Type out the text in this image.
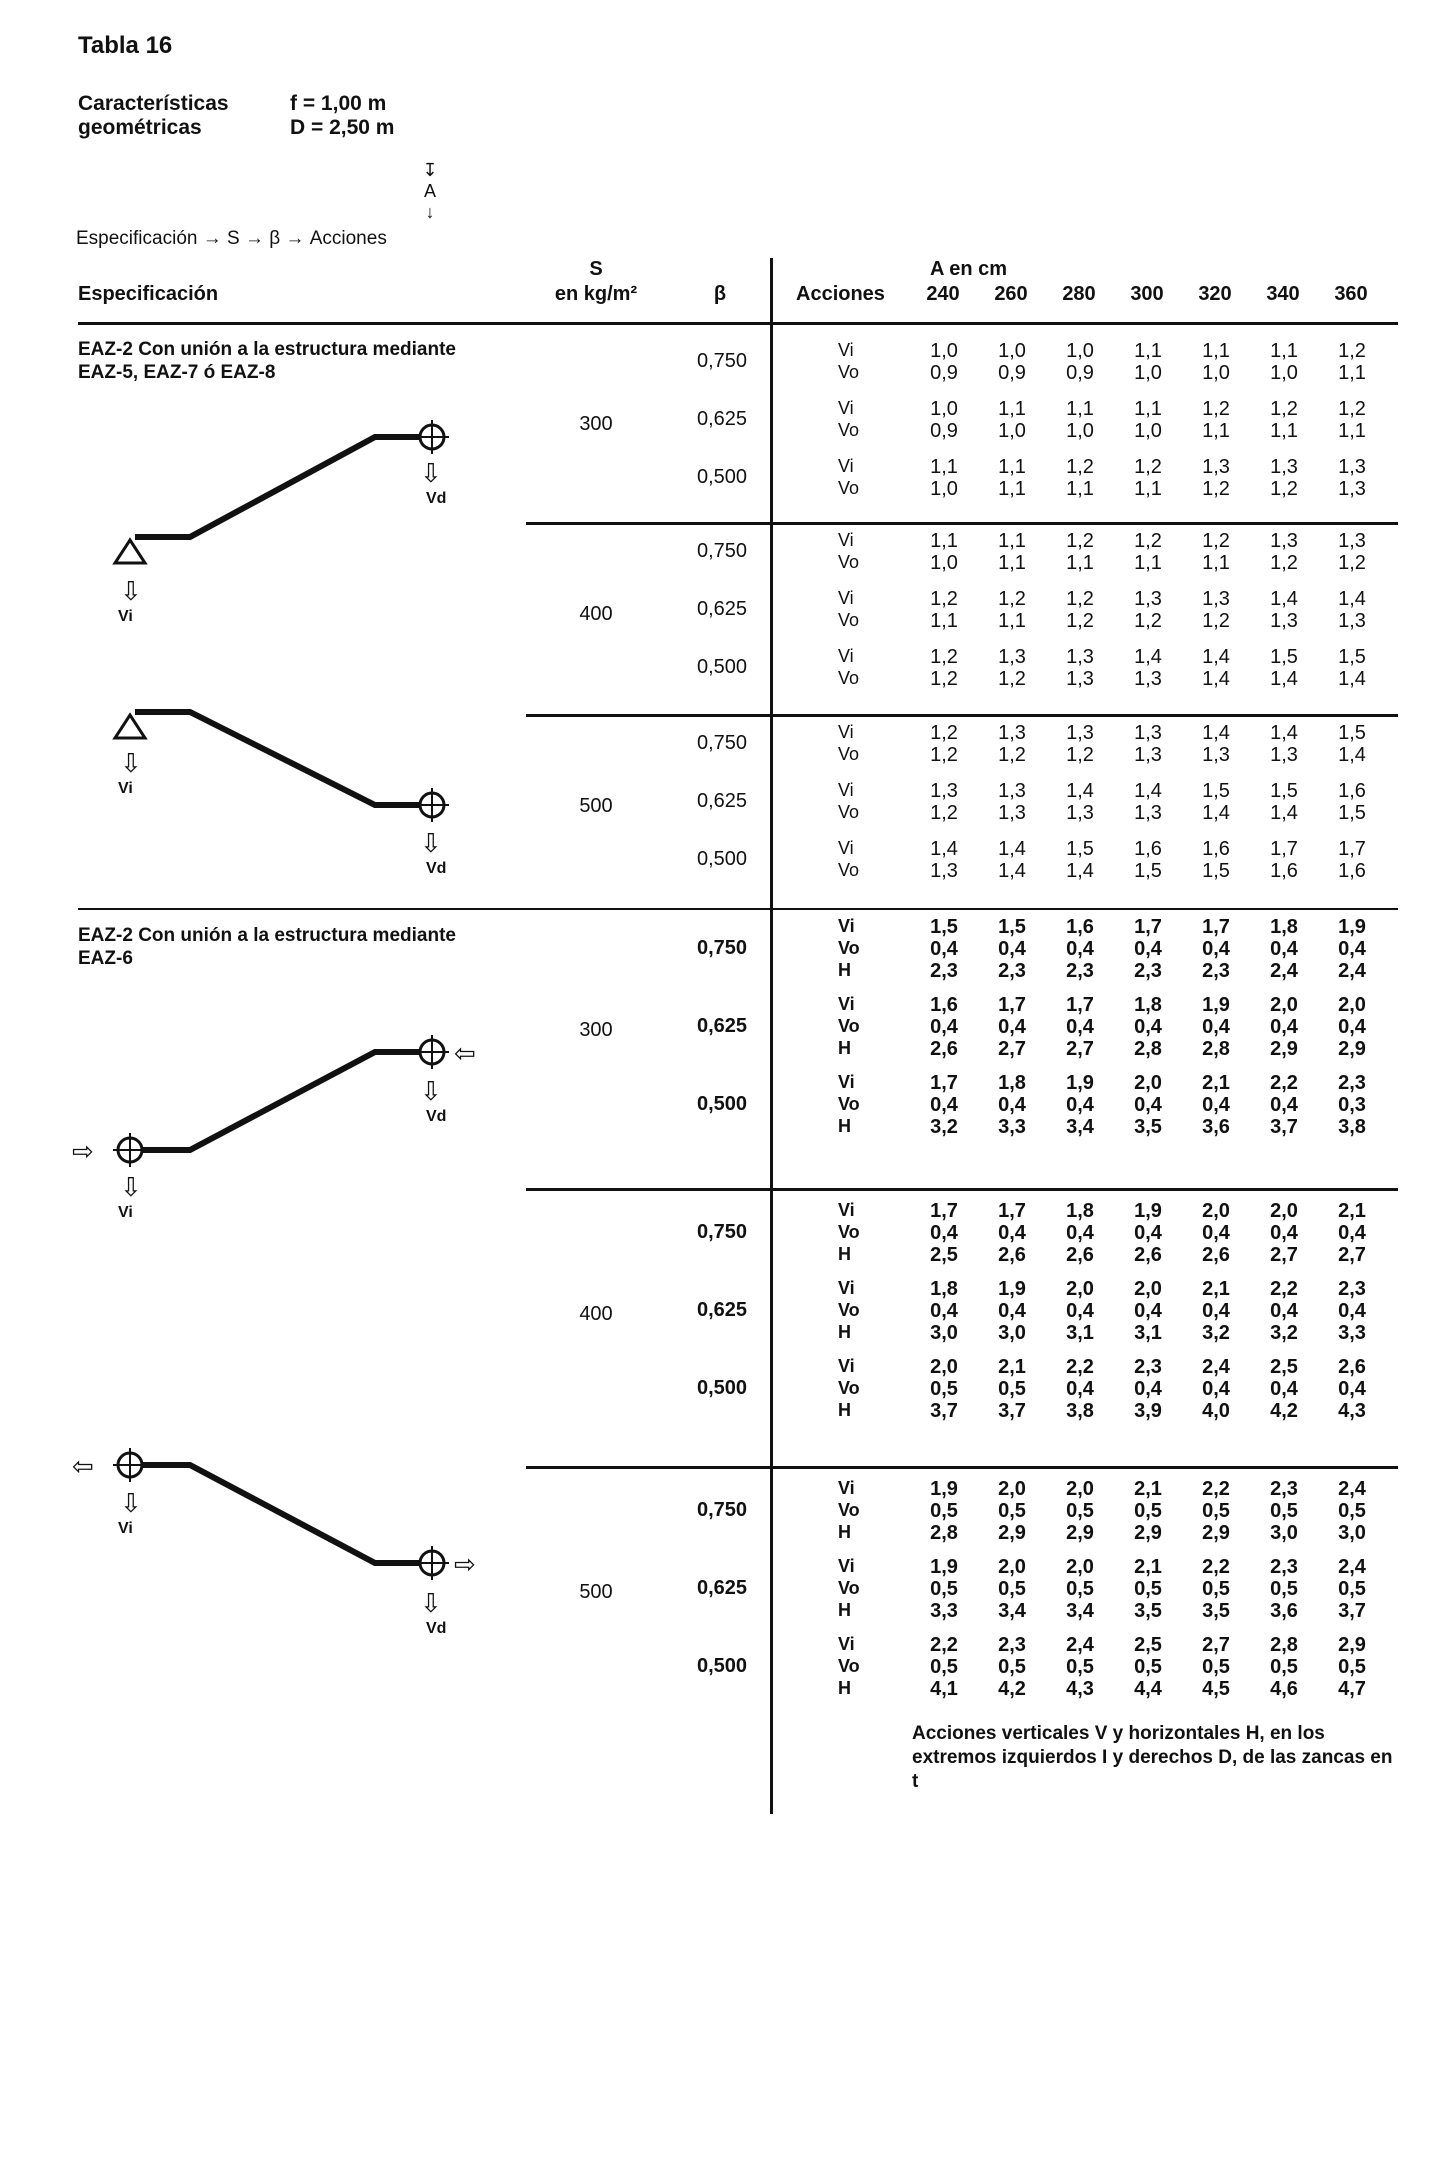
Tabla 16
Características	f = 1,00 m
geométricas	D = 2,50 m
↧
A
↓
Especificación → S → β → Acciones
Especificación
S
en kg/m²	β	Acciones
A en cm
240	260	280	300	320	340	360
EAZ-2 Con unión a la estructura mediante EAZ-5, EAZ-7 ó EAZ-8
EAZ-2 Con unión a la estructura mediante EAZ-6
⇩
⇩
⇩
⇩
⇩
⇩
⇩
⇩
⇦
⇨
⇦
⇨
Vd
Vi
Vi
Vd
Vd
Vi
Vi
Vd
0,750	Vi	1,0	1,0	1,0	1,1	1,1	1,1	1,2
Vo	0,9	0,9	0,9	1,0	1,0	1,0	1,1
0,625	Vi	1,0	1,1	1,1	1,1	1,2	1,2	1,2
Vo	0,9	1,0	1,0	1,0	1,1	1,1	1,1
0,500	Vi	1,1	1,1	1,2	1,2	1,3	1,3	1,3
Vo	1,0	1,1	1,1	1,1	1,2	1,2	1,3
300
0,750	Vi	1,1	1,1	1,2	1,2	1,2	1,3	1,3
Vo	1,0	1,1	1,1	1,1	1,1	1,2	1,2
0,625	Vi	1,2	1,2	1,2	1,3	1,3	1,4	1,4
Vo	1,1	1,1	1,2	1,2	1,2	1,3	1,3
0,500	Vi	1,2	1,3	1,3	1,4	1,4	1,5	1,5
Vo	1,2	1,2	1,3	1,3	1,4	1,4	1,4
400
0,750	Vi	1,2	1,3	1,3	1,3	1,4	1,4	1,5
Vo	1,2	1,2	1,2	1,3	1,3	1,3	1,4
0,625	Vi	1,3	1,3	1,4	1,4	1,5	1,5	1,6
Vo	1,2	1,3	1,3	1,3	1,4	1,4	1,5
0,500	Vi	1,4	1,4	1,5	1,6	1,6	1,7	1,7
Vo	1,3	1,4	1,4	1,5	1,5	1,6	1,6
500
0,750
Vi	1,5	1,5	1,6	1,7	1,7	1,8	1,9
Vo	0,4	0,4	0,4	0,4	0,4	0,4	0,4
H	2,3	2,3	2,3	2,3	2,3	2,4	2,4
0,625
Vi	1,6	1,7	1,7	1,8	1,9	2,0	2,0
Vo	0,4	0,4	0,4	0,4	0,4	0,4	0,4
H	2,6	2,7	2,7	2,8	2,8	2,9	2,9
0,500
Vi	1,7	1,8	1,9	2,0	2,1	2,2	2,3
Vo	0,4	0,4	0,4	0,4	0,4	0,4	0,3
H	3,2	3,3	3,4	3,5	3,6	3,7	3,8
300
0,750
Vi	1,7	1,7	1,8	1,9	2,0	2,0	2,1
Vo	0,4	0,4	0,4	0,4	0,4	0,4	0,4
H	2,5	2,6	2,6	2,6	2,6	2,7	2,7
0,625
Vi	1,8	1,9	2,0	2,0	2,1	2,2	2,3
Vo	0,4	0,4	0,4	0,4	0,4	0,4	0,4
H	3,0	3,0	3,1	3,1	3,2	3,2	3,3
0,500
Vi	2,0	2,1	2,2	2,3	2,4	2,5	2,6
Vo	0,5	0,5	0,4	0,4	0,4	0,4	0,4
H	3,7	3,7	3,8	3,9	4,0	4,2	4,3
400
0,750
Vi	1,9	2,0	2,0	2,1	2,2	2,3	2,4
Vo	0,5	0,5	0,5	0,5	0,5	0,5	0,5
H	2,8	2,9	2,9	2,9	2,9	3,0	3,0
0,625
Vi	1,9	2,0	2,0	2,1	2,2	2,3	2,4
Vo	0,5	0,5	0,5	0,5	0,5	0,5	0,5
H	3,3	3,4	3,4	3,5	3,5	3,6	3,7
0,500
Vi	2,2	2,3	2,4	2,5	2,7	2,8	2,9
Vo	0,5	0,5	0,5	0,5	0,5	0,5	0,5
H	4,1	4,2	4,3	4,4	4,5	4,6	4,7
500
Acciones verticales V y horizontales H, en los extremos izquierdos I y derechos D, de las zancas en t
